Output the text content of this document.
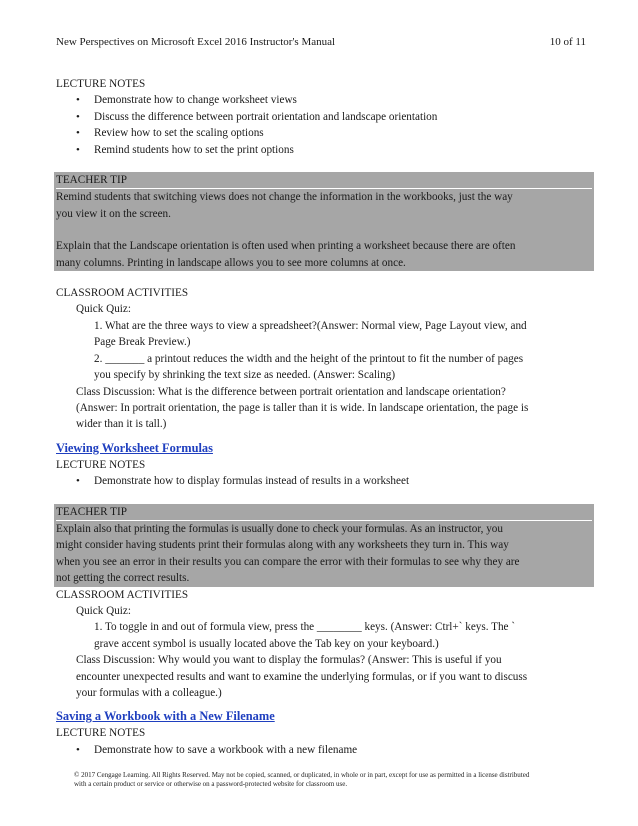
New Perspectives on Microsoft Excel 2016 Instructor's Manual	10 of 11
LECTURE NOTES
• Demonstrate how to change worksheet views
• Discuss the difference between portrait orientation and landscape orientation
• Review how to set the scaling options
• Remind students how to set the print options
TEACHER TIP
Remind students that switching views does not change the information in the workbooks, just the way
you view it on the screen.
Explain that the Landscape orientation is often used when printing a worksheet because there are often
many columns. Printing in landscape allows you to see more columns at once.
CLASSROOM ACTIVITIES
Quick Quiz:
1. What are the three ways to view a spreadsheet?(Answer: Normal view, Page Layout view, and
Page Break Preview.)
2. _______ a printout reduces the width and the height of the printout to fit the number of pages
you specify by shrinking the text size as needed. (Answer: Scaling)
Class Discussion: What is the difference between portrait orientation and landscape orientation?
(Answer: In portrait orientation, the page is taller than it is wide. In landscape orientation, the page is
wider than it is tall.)
Viewing Worksheet Formulas
LECTURE NOTES
• Demonstrate how to display formulas instead of results in a worksheet
TEACHER TIP
Explain also that printing the formulas is usually done to check your formulas. As an instructor, you
might consider having students print their formulas along with any worksheets they turn in. This way
when you see an error in their results you can compare the error with their formulas to see why they are
not getting the correct results.
CLASSROOM ACTIVITIES
Quick Quiz:
1. To toggle in and out of formula view, press the ________ keys. (Answer: Ctrl+` keys. The `
grave accent symbol is usually located above the Tab key on your keyboard.)
Class Discussion: Why would you want to display the formulas? (Answer: This is useful if you
encounter unexpected results and want to examine the underlying formulas, or if you want to discuss
your formulas with a colleague.)
Saving a Workbook with a New Filename
LECTURE NOTES
• Demonstrate how to save a workbook with a new filename
© 2017 Cengage Learning. All Rights Reserved. May not be copied, scanned, or duplicated, in whole or in part, except for use as permitted in a license distributed
with a certain product or service or otherwise on a password-protected website for classroom use.
